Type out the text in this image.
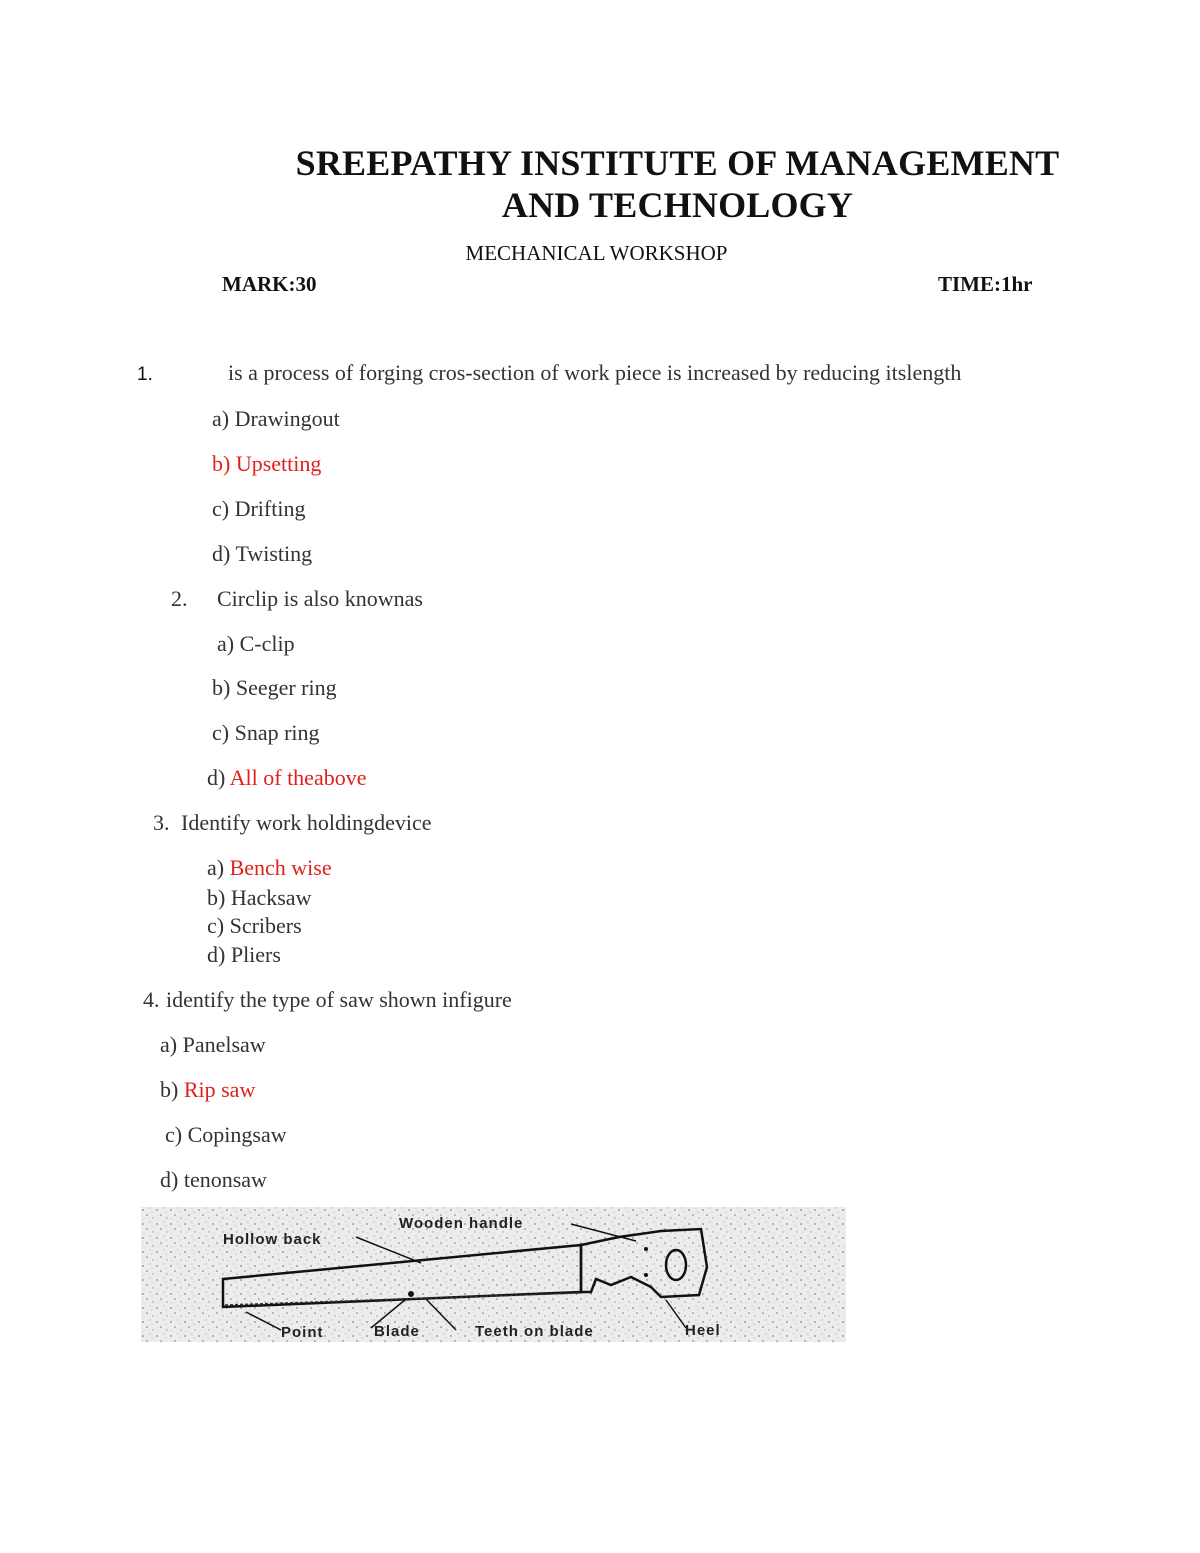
SREEPATHY INSTITUTE OF MANAGEMENT
AND TECHNOLOGY
MECHANICAL WORKSHOP
MARK:30	TIME:1hr
1.	is a process of forging cros-section of work piece is increased by reducing itslength
a) Drawingout
b) Upsetting
c) Drifting
d) Twisting
2. Circlip is also knownas
a) C-clip
b) Seeger ring
c) Snap ring
d) All of theabove
3. Identify work holdingdevice
a) Bench wise
b) Hacksaw
c) Scribers
d) Pliers
4. identify the type of saw shown infigure
a) Panelsaw
b) Rip saw
c) Copingsaw
d) tenonsaw
Wooden handle
Hollow back
Point	Blade	Teeth on blade	Heel
